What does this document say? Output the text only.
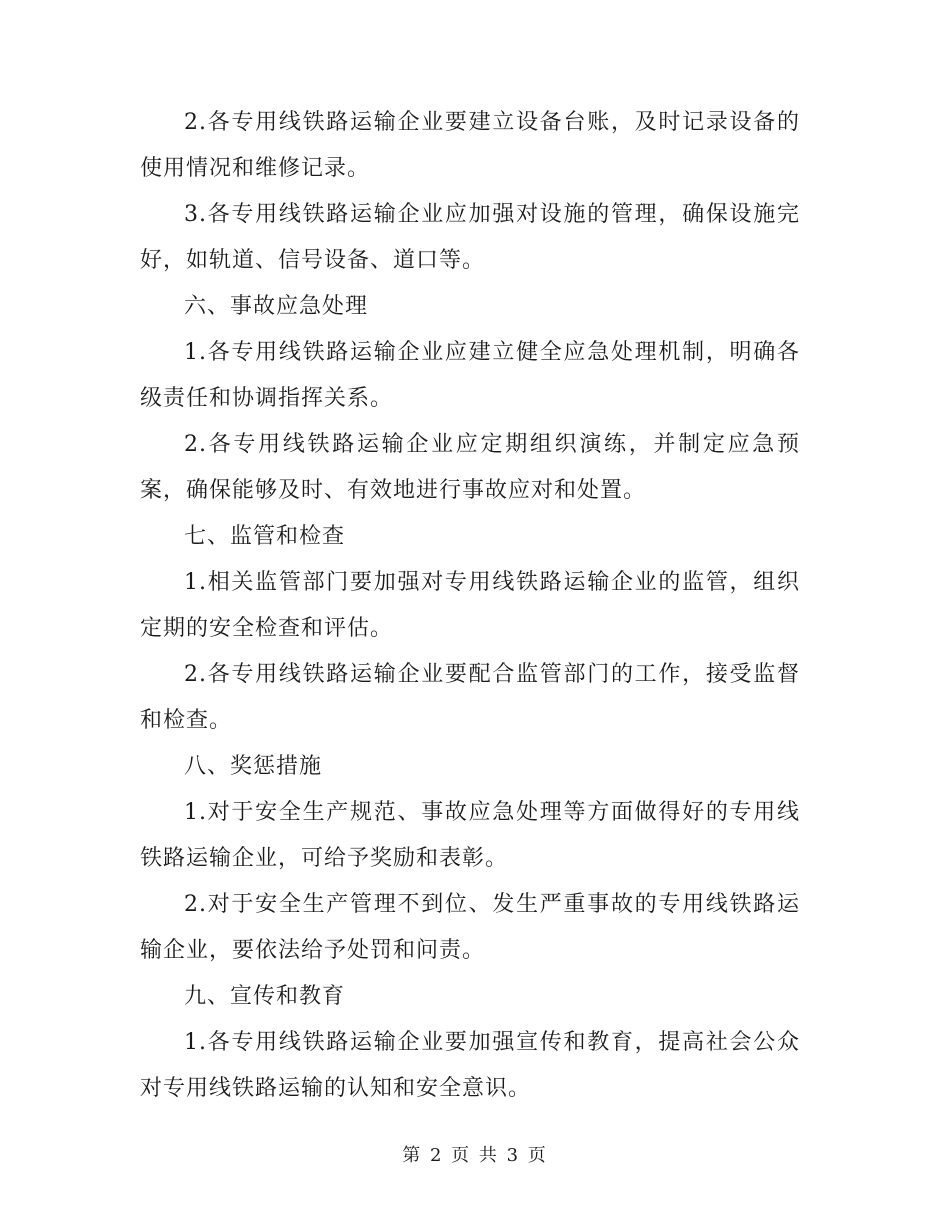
2.各专用线铁路运输企业要建立设备台账，及时记录设备的使用情况和维修记录。

3.各专用线铁路运输企业应加强对设施的管理，确保设施完好，如轨道、信号设备、道口等。

六、事故应急处理

1.各专用线铁路运输企业应建立健全应急处理机制，明确各级责任和协调指挥关系。

2.各专用线铁路运输企业应定期组织演练，并制定应急预案，确保能够及时、有效地进行事故应对和处置。

七、监管和检查

1.相关监管部门要加强对专用线铁路运输企业的监管，组织定期的安全检查和评估。

2.各专用线铁路运输企业要配合监管部门的工作，接受监督和检查。

八、奖惩措施

1.对于安全生产规范、事故应急处理等方面做得好的专用线铁路运输企业，可给予奖励和表彰。

2.对于安全生产管理不到位、发生严重事故的专用线铁路运输企业，要依法给予处罚和问责。

九、宣传和教育

1.各专用线铁路运输企业要加强宣传和教育，提高社会公众对专用线铁路运输的认知和安全意识。

第 2 页 共 3 页
